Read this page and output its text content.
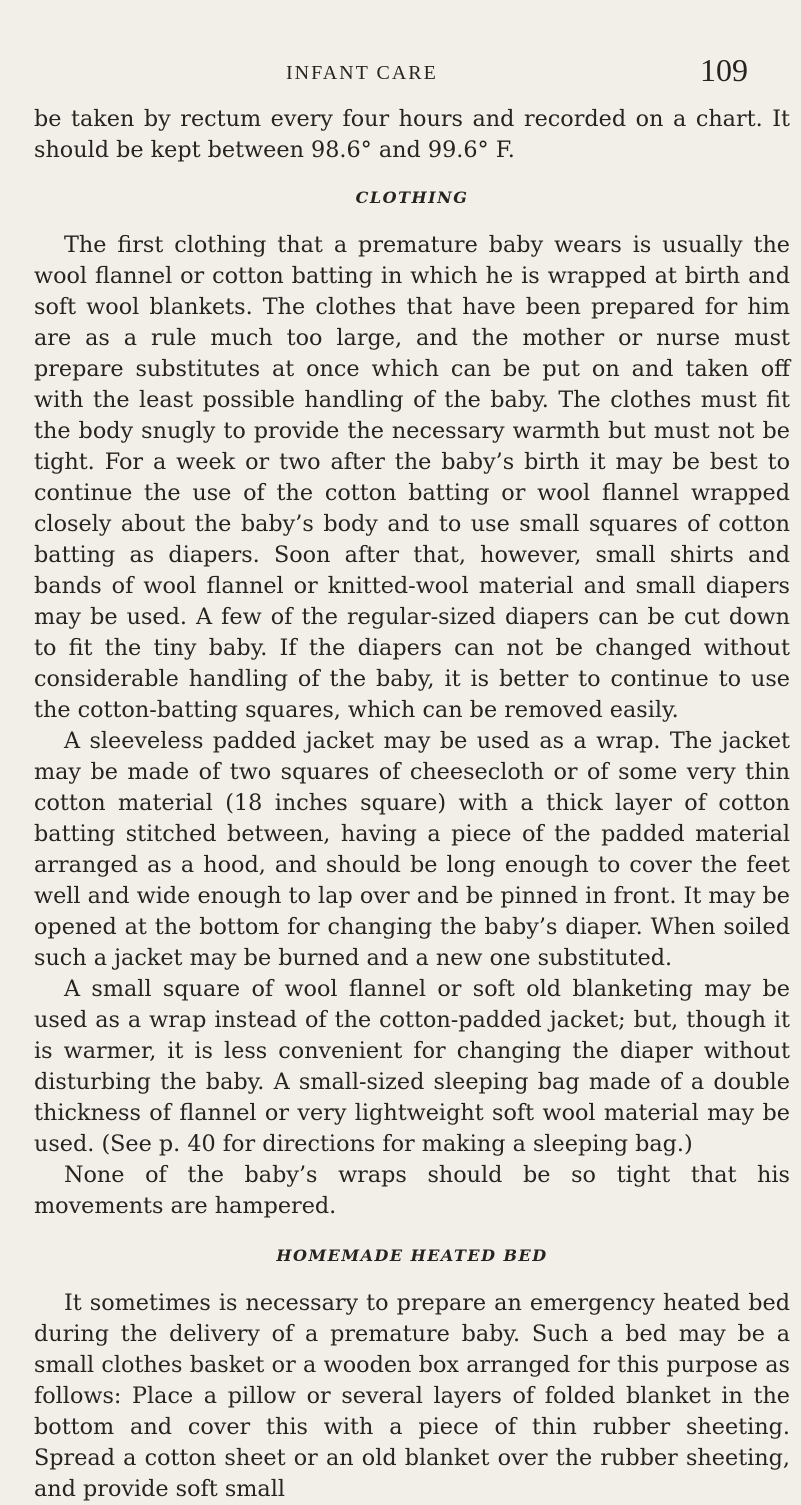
INFANT CARE	109

be taken by rectum every four hours and recorded on a chart. It should be kept between 98.6° and 99.6° F.

CLOTHING

The first clothing that a premature baby wears is usually the wool flannel or cotton batting in which he is wrapped at birth and soft wool blankets. The clothes that have been prepared for him are as a rule much too large, and the mother or nurse must prepare substitutes at once which can be put on and taken off with the least possible handling of the baby. The clothes must fit the body snugly to provide the necessary warmth but must not be tight. For a week or two after the baby’s birth it may be best to continue the use of the cotton batting or wool flannel wrapped closely about the baby’s body and to use small squares of cotton batting as diapers. Soon after that, however, small shirts and bands of wool flannel or knitted-wool material and small diapers may be used. A few of the regular-sized diapers can be cut down to fit the tiny baby. If the diapers can not be changed without considerable handling of the baby, it is better to continue to use the cotton-batting squares, which can be removed easily.

A sleeveless padded jacket may be used as a wrap. The jacket may be made of two squares of cheesecloth or of some very thin cotton material (18 inches square) with a thick layer of cotton batting stitched between, having a piece of the padded material arranged as a hood, and should be long enough to cover the feet well and wide enough to lap over and be pinned in front. It may be opened at the bottom for changing the baby’s diaper. When soiled such a jacket may be burned and a new one substituted.

A small square of wool flannel or soft old blanketing may be used as a wrap instead of the cotton-padded jacket; but, though it is warmer, it is less convenient for changing the diaper without disturbing the baby. A small-sized sleeping bag made of a double thickness of flannel or very lightweight soft wool material may be used. (See p. 40 for directions for making a sleeping bag.)

None of the baby’s wraps should be so tight that his movements are hampered.

HOMEMADE HEATED BED

It sometimes is necessary to prepare an emergency heated bed during the delivery of a premature baby. Such a bed may be a small clothes basket or a wooden box arranged for this purpose as follows: Place a pillow or several layers of folded blanket in the bottom and cover this with a piece of thin rubber sheeting. Spread a cotton sheet or an old blanket over the rubber sheeting, and provide soft small
